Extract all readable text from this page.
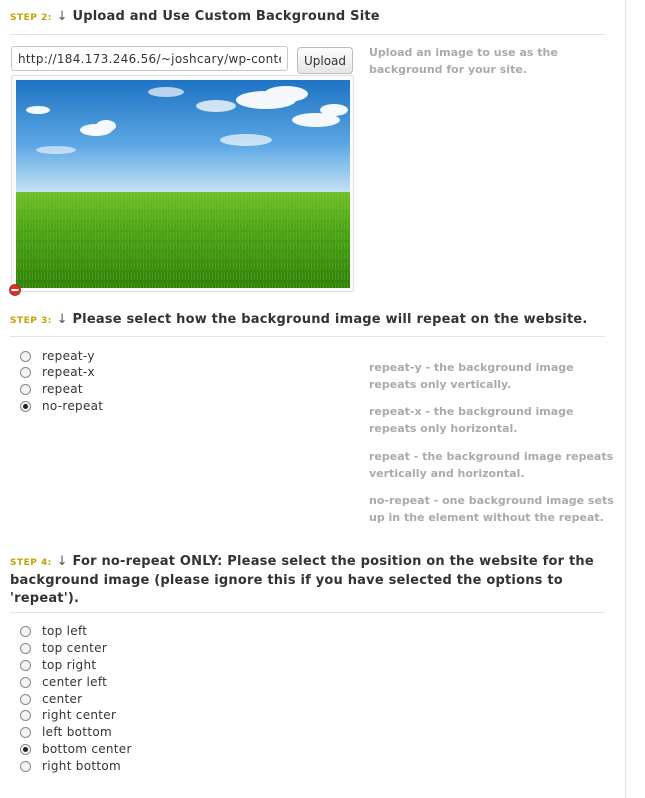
STEP 2: ↓ Upload and Use Custom Background Site
http://184.173.246.56/~joshcary/wp-content/uploads/2012/03/field.jpg
Upload
Upload an image to use as the
background for your site.
STEP 3: ↓ Please select how the background image will repeat on the website.
repeat-y
repeat-x
repeat
no-repeat
repeat-y - the background image
repeats only vertically.
repeat-x - the background image
repeats only horizontal.
repeat - the background image repeats
vertically and horizontal.
no-repeat - one background image sets
up in the element without the repeat.
STEP 4: ↓ For no-repeat ONLY: Please select the position on the website for the
background image (please ignore this if you have selected the options to
'repeat').
top left
top center
top right
center left
center
right center
left bottom
bottom center
right bottom
